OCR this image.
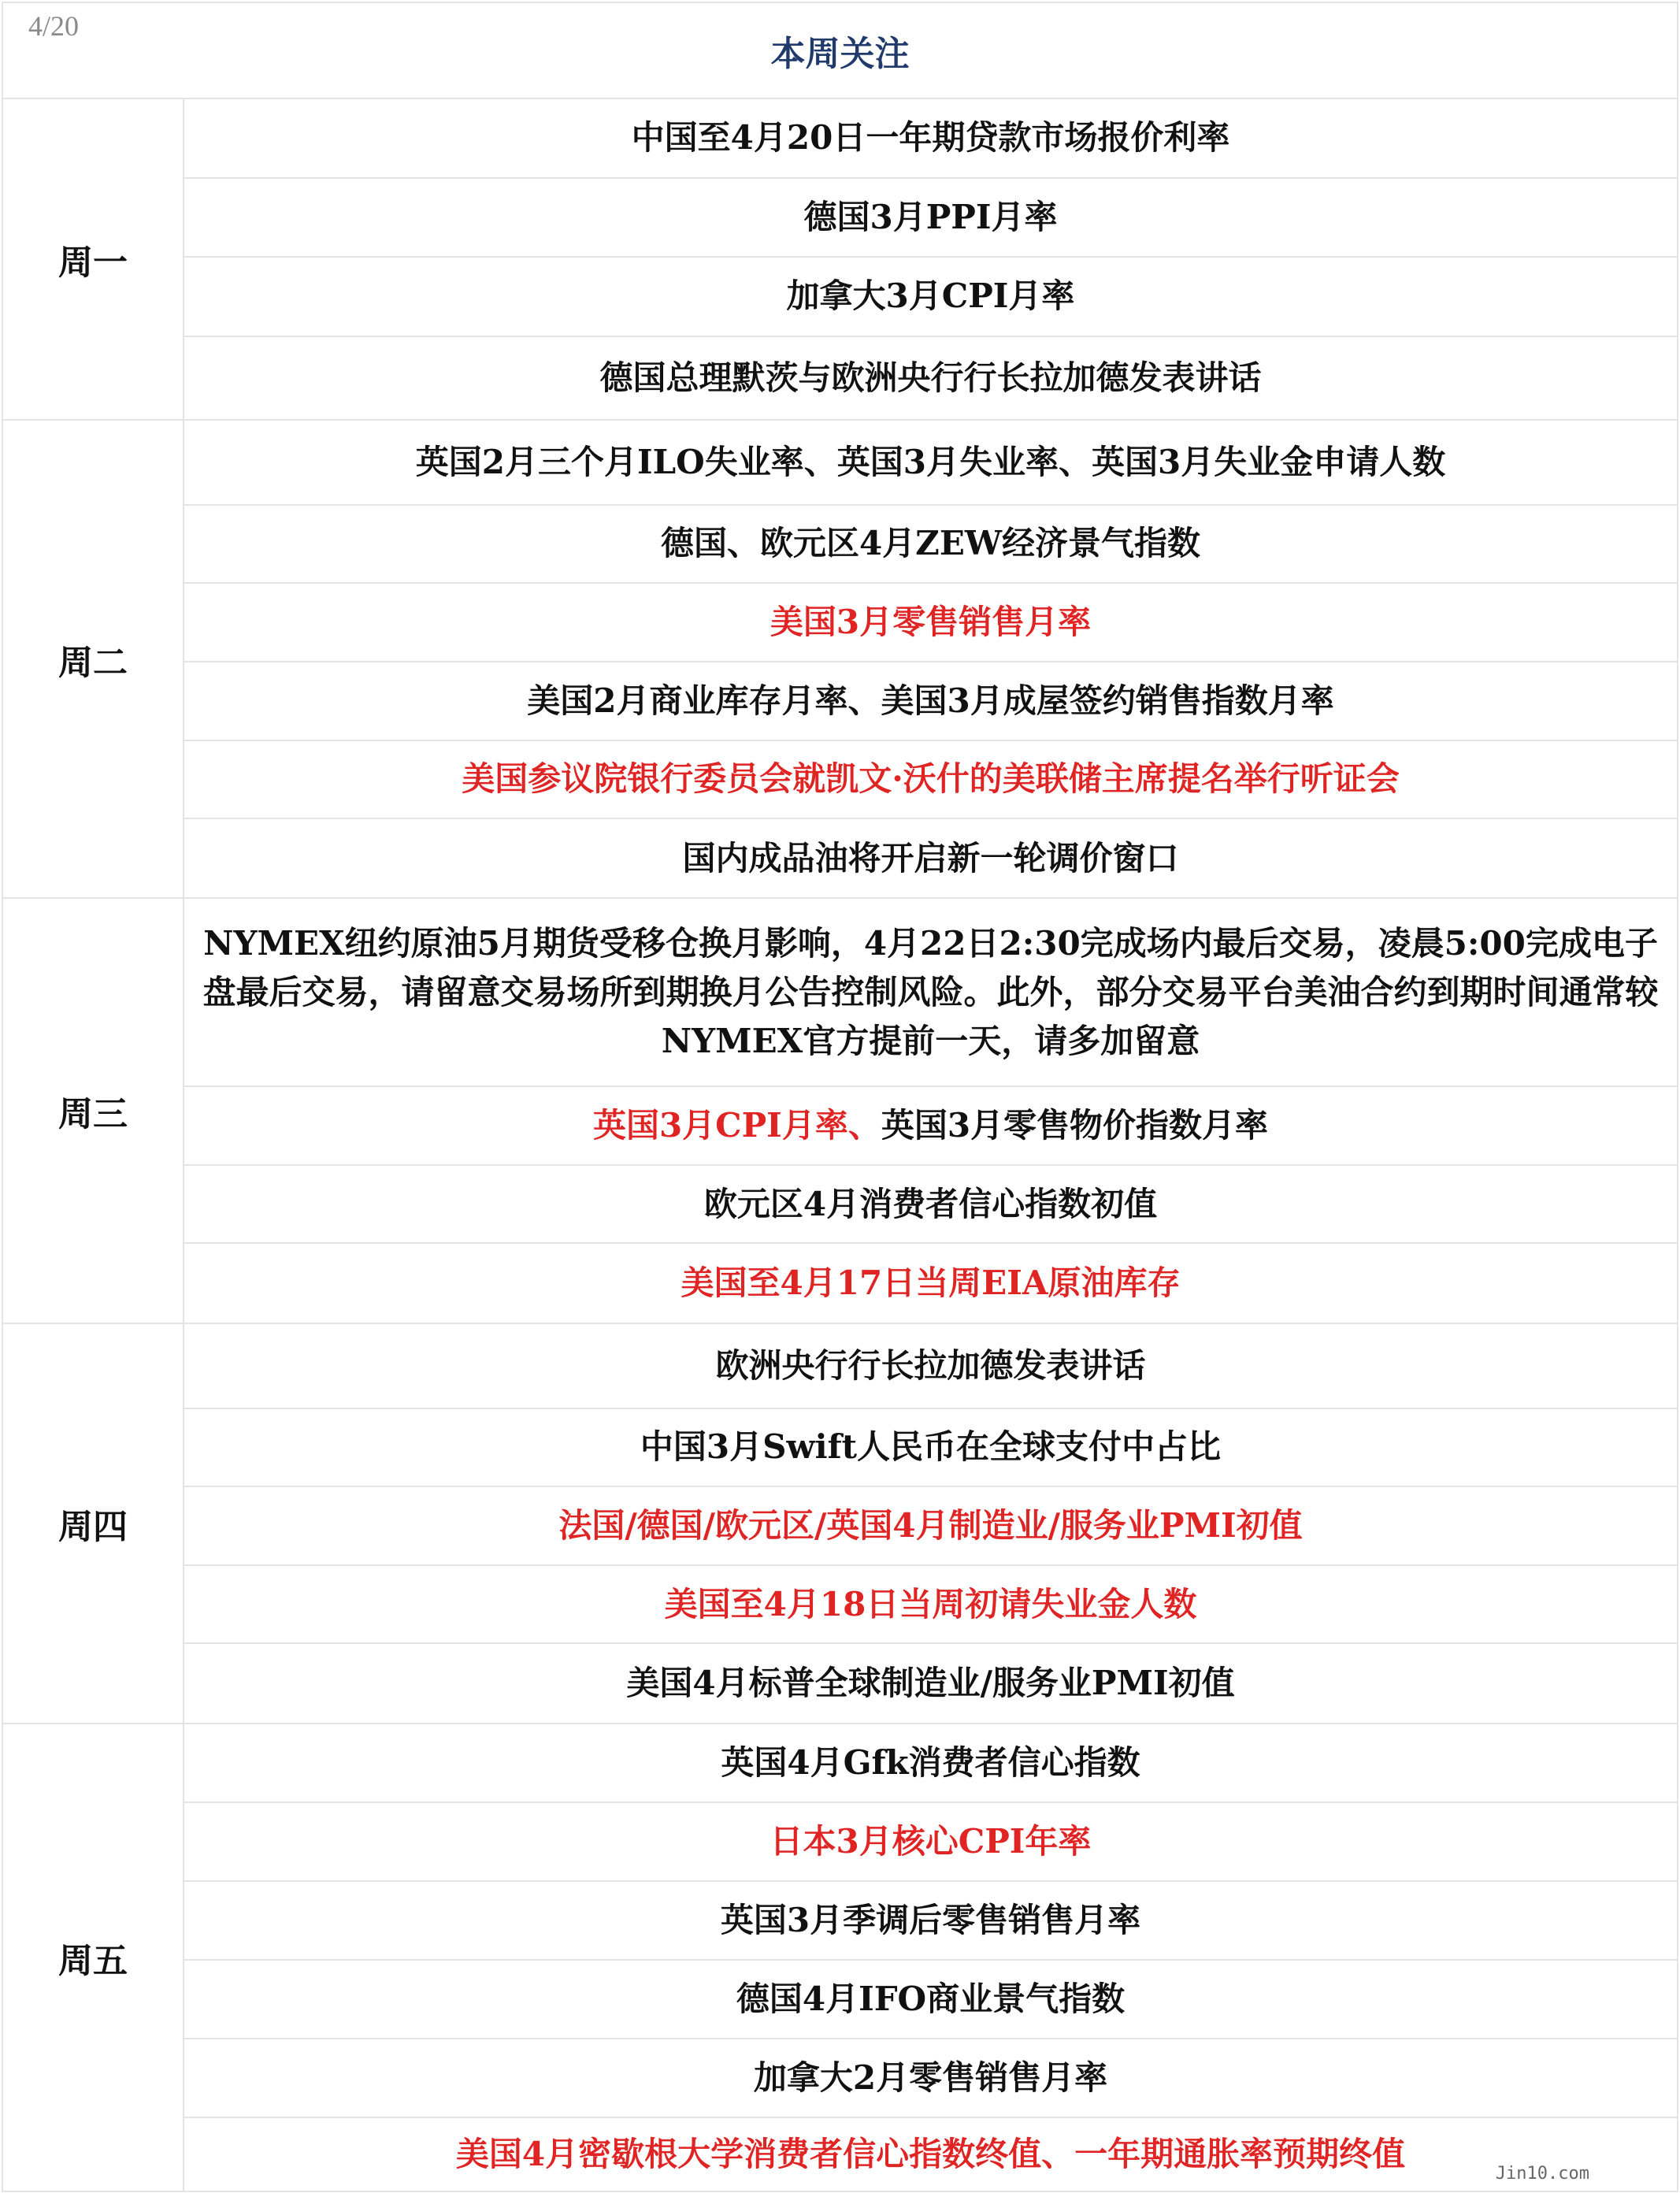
4/20
本周关注
周一
中国至4月20日一年期贷款市场报价利率
德国3月PPI月率
加拿大3月CPI月率
德国总理默茨与欧洲央行行长拉加德发表讲话
周二
英国2月三个月ILO失业率、英国3月失业率、英国3月失业金申请人数
德国、欧元区4月ZEW经济景气指数
美国3月零售销售月率
美国2月商业库存月率、美国3月成屋签约销售指数月率
美国参议院银行委员会就凯文·沃什的美联储主席提名举行听证会
国内成品油将开启新一轮调价窗口
周三
NYMEX纽约原油5月期货受移仓换月影响，4月22日2:30完成场内最后交易，凌晨5:00完成电子盘最后交易，请留意交易场所到期换月公告控制风险。此外，部分交易平台美油合约到期时间通常较NYMEX官方提前一天，请多加留意
英国3月CPI月率、 英国3月零售物价指数月率
欧元区4月消费者信心指数初值
美国至4月17日当周EIA原油库存
周四
欧洲央行行长拉加德发表讲话
中国3月Swift人民币在全球支付中占比
法国/德国/欧元区/英国4月制造业/服务业PMI初值
美国至4月18日当周初请失业金人数
美国4月标普全球制造业/服务业PMI初值
周五
英国4月Gfk消费者信心指数
日本3月核心CPI年率
英国3月季调后零售销售月率
德国4月IFO商业景气指数
加拿大2月零售销售月率
美国4月密歇根大学消费者信心指数终值、一年期通胀率预期终值
Jin10.com
